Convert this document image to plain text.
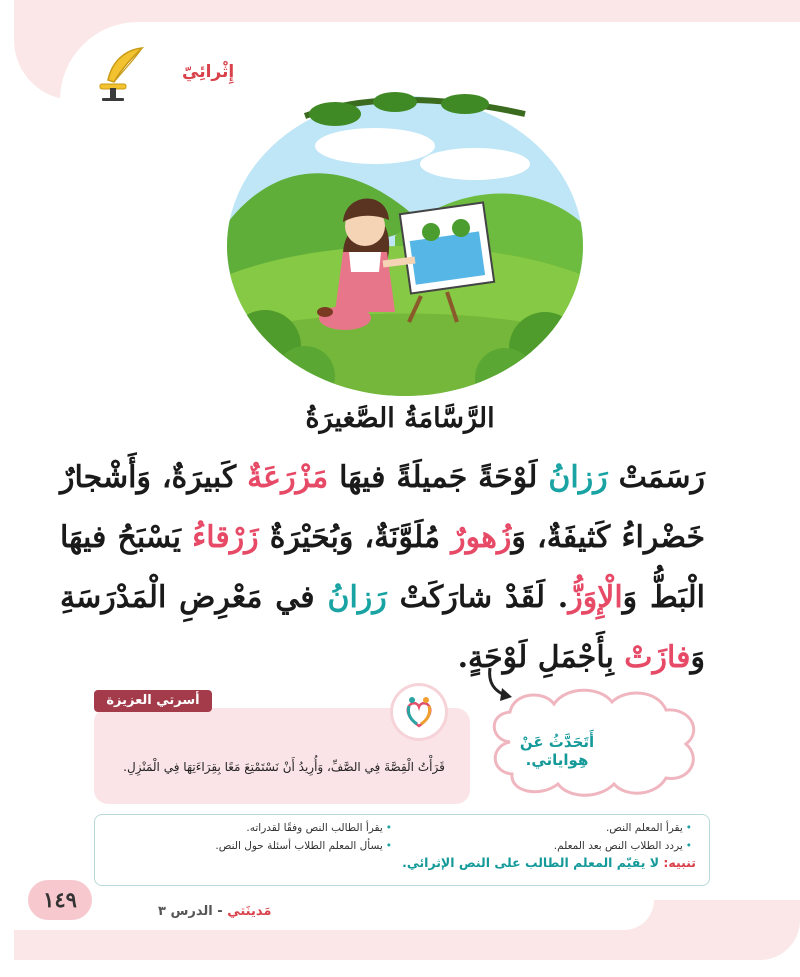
إِثْرائِيّ
الرَّسَّامَةُ الصَّغيرَةُ
رَسَمَتْ رَزانُ لَوْحَةً جَميلَةً فيهَا مَزْرَعَةٌ كَبيرَةٌ، وَأَشْجارٌ خَضْراءُ كَثيفَةٌ، وَزُهورٌ مُلَوَّنَةٌ، وَبُحَيْرَةٌ زَرْقاءُ يَسْبَحُ فيهَا الْبَطُّ وَالْإِوَزُّ. لَقَدْ شارَكَتْ رَزانُ في مَعْرِضِ الْمَدْرَسَةِ وَفازَتْ بِأَجْمَلِ لَوْحَةٍ.
أسرتي العزيزة
قَرَأْتُ الْقِصَّةَ فِي الصَّفِّ، وَأُرِيدُ أَنْ نَسْتَمْتِعَ مَعًا بِقِرَاءَتِهَا فِي الْمَنْزِلِ.
أَتَحَدَّثُ عَنْ هِواياتي.
•يقرأ المعلم النص.
•يردد الطلاب النص بعد المعلم.
•يقرأ الطالب النص وفقًا لقدراته.
•يسأل المعلم الطلاب أسئلة حول النص.
تنبيه: لا يقيّم المعلم الطالب على النص الإثرائي.
١٤٩	مَدينَتي - الدرس ٣
